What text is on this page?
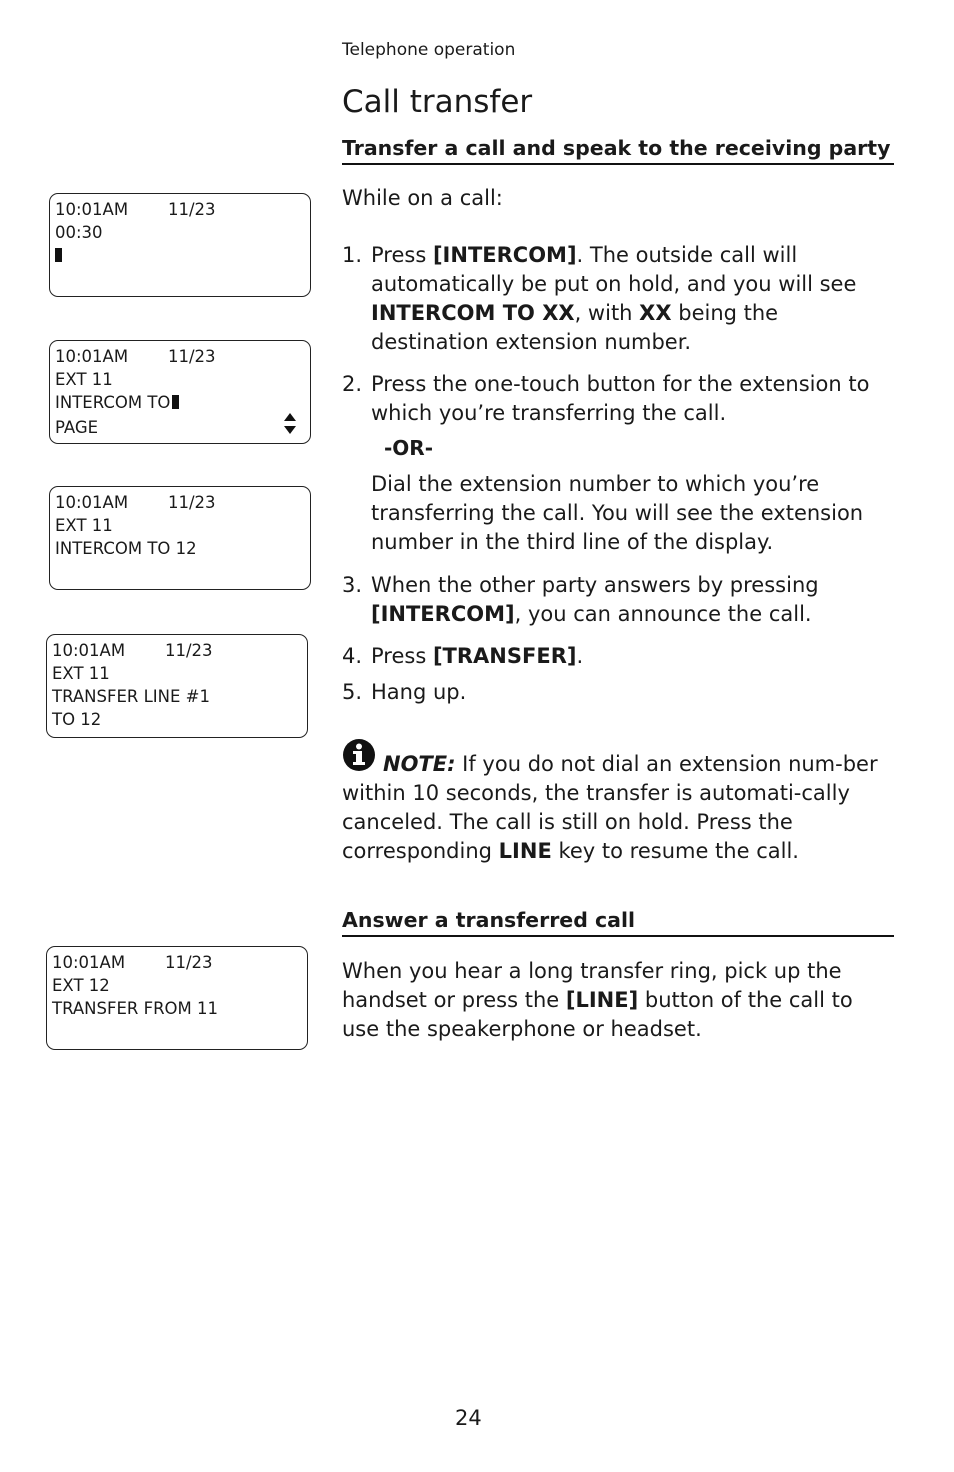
Telephone operation
Call transfer
Transfer a call and speak to the receiving party
While on a call:
1. Press [INTERCOM]. The outside call will automatically be put on hold, and you will see INTERCOM TO XX, with XX being the destination extension number.
2. Press the one-touch button for the extension to which you’re transferring the call.
-OR-
Dial the extension number to which you’re transferring the call. You will see the extension number in the third line of the display.
3. When the other party answers by pressing [INTERCOM], you can announce the call.
4. Press [TRANSFER].
5. Hang up.
NOTE: If you do not dial an extension num-ber within 10 seconds, the transfer is automati-cally canceled. The call is still on hold. Press the corresponding LINE key to resume the call.
Answer a transferred call
When you hear a long transfer ring, pick up the handset or press the [LINE] button of the call to use the speakerphone or headset.
10:01AM 11/23
00:30
10:01AM 11/23
EXT 11
INTERCOM TO
PAGE
10:01AM 11/23
EXT 11
INTERCOM TO 12
10:01AM 11/23
EXT 11
TRANSFER LINE #1
TO 12
10:01AM 11/23
EXT 12
TRANSFER FROM 11
24
